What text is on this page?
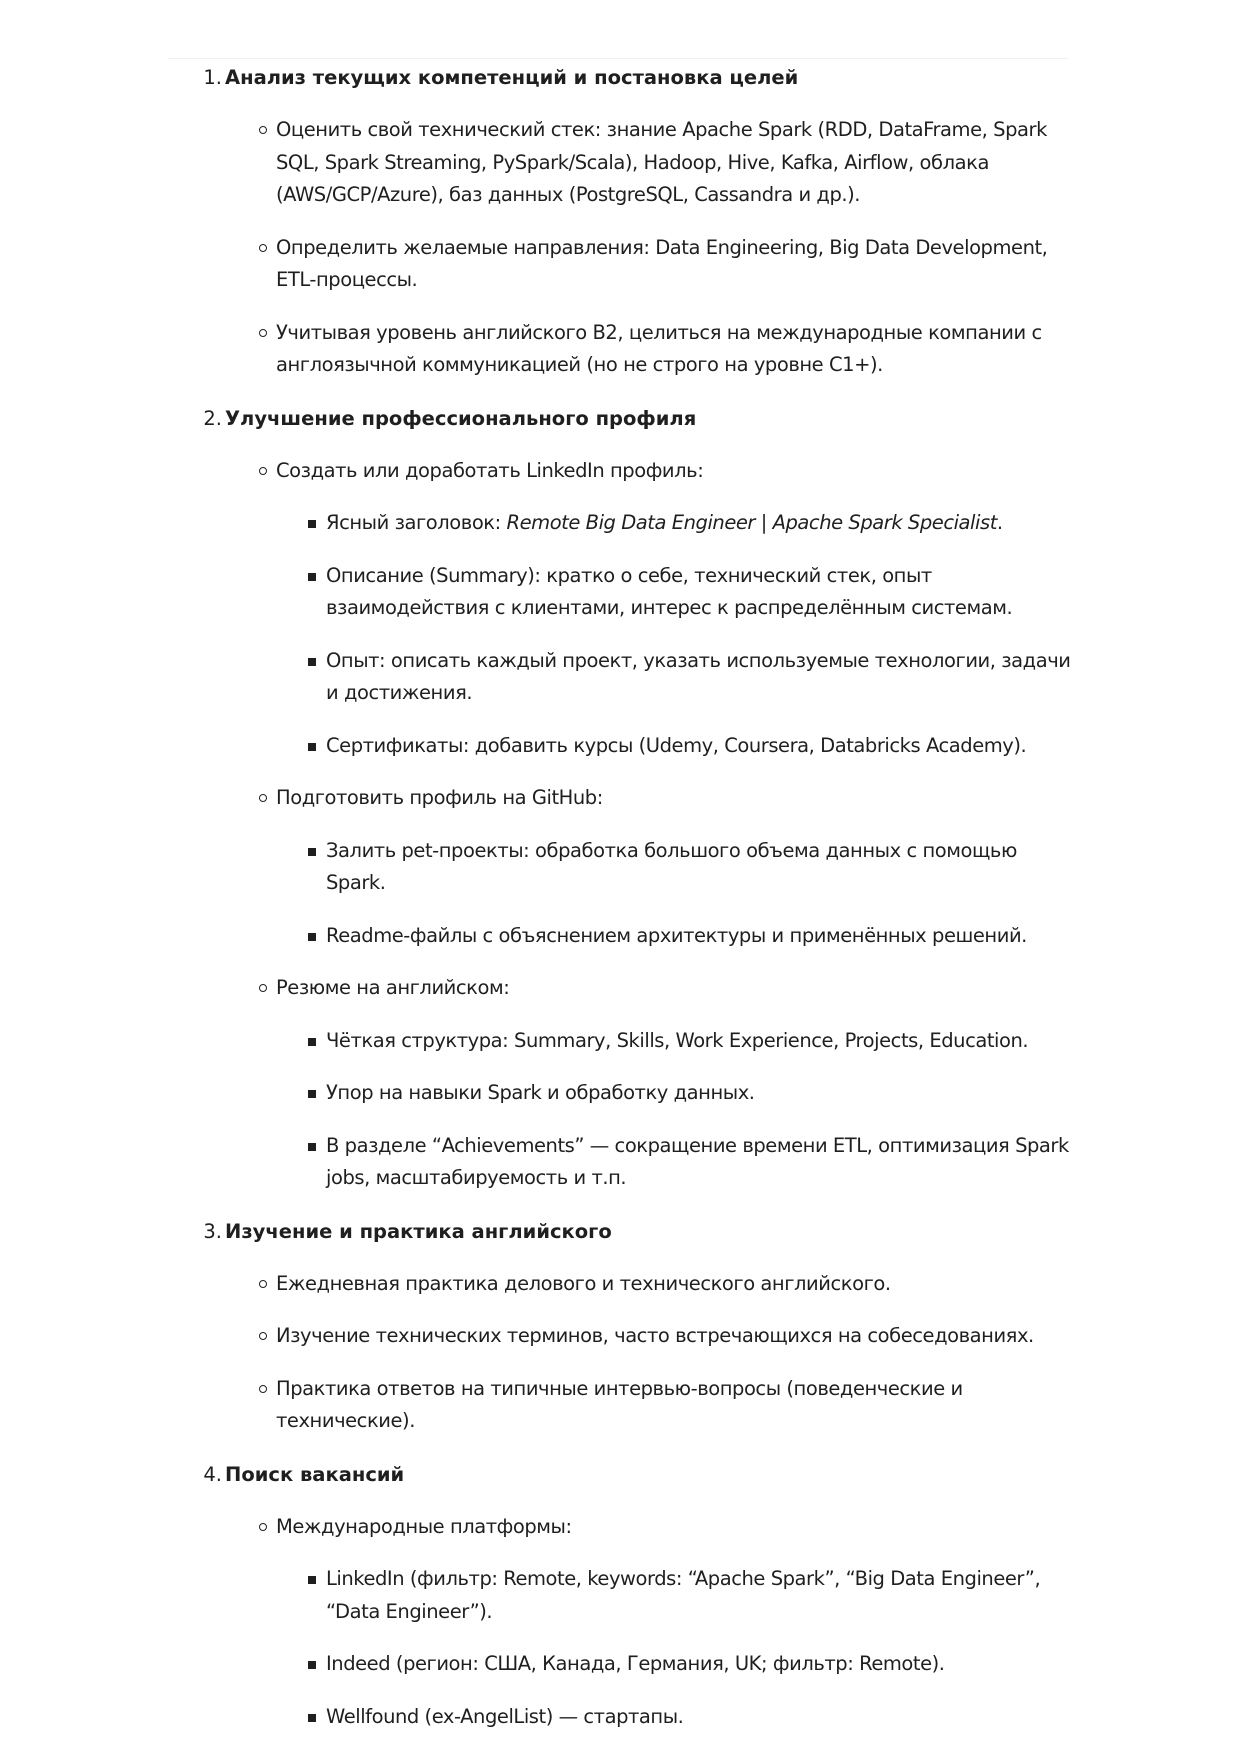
1. Анализ текущих компетенций и постановка целей
Оценить свой технический стек: знание Apache Spark (RDD, DataFrame, Spark SQL, Spark Streaming, PySpark/Scala), Hadoop, Hive, Kafka, Airflow, облака (AWS/GCP/Azure), баз данных (PostgreSQL, Cassandra и др.).
Определить желаемые направления: Data Engineering, Big Data Development, ETL-процессы.
Учитывая уровень английского B2, целиться на международные компании с англоязычной коммуникацией (но не строго на уровне C1+).
2. Улучшение профессионального профиля
Создать или доработать LinkedIn профиль:
Ясный заголовок: Remote Big Data Engineer | Apache Spark Specialist.
Описание (Summary): кратко о себе, технический стек, опыт взаимодействия с клиентами, интерес к распределённым системам.
Опыт: описать каждый проект, указать используемые технологии, задачи и достижения.
Сертификаты: добавить курсы (Udemy, Coursera, Databricks Academy).
Подготовить профиль на GitHub:
Залить pet-проекты: обработка большого объема данных с помощью Spark.
Readme-файлы с объяснением архитектуры и применённых решений.
Резюме на английском:
Чёткая структура: Summary, Skills, Work Experience, Projects, Education.
Упор на навыки Spark и обработку данных.
В разделе “Achievements” — сокращение времени ETL, оптимизация Spark jobs, масштабируемость и т.п.
3. Изучение и практика английского
Ежедневная практика делового и технического английского.
Изучение технических терминов, часто встречающихся на собеседованиях.
Практика ответов на типичные интервью-вопросы (поведенческие и технические).
4. Поиск вакансий
Международные платформы:
LinkedIn (фильтр: Remote, keywords: “Apache Spark”, “Big Data Engineer”, “Data Engineer”).
Indeed (регион: США, Канада, Германия, UK; фильтр: Remote).
Wellfound (ex-AngelList) — стартапы.
